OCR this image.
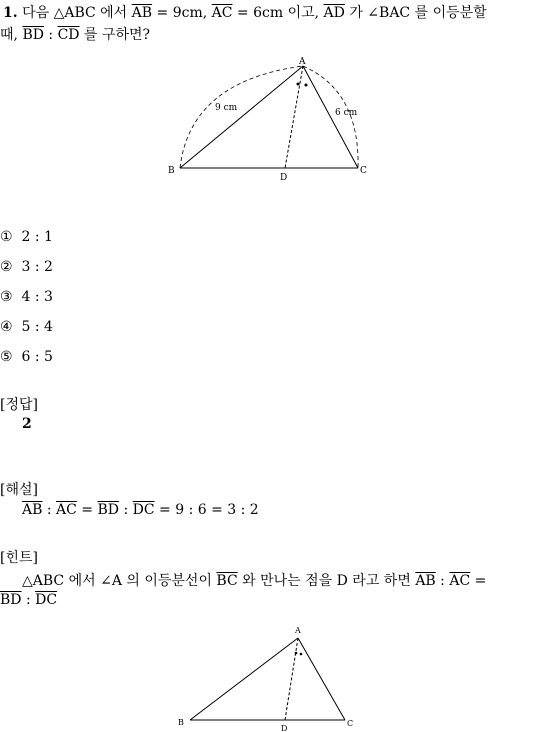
1. 다음 △ABC 에서 $\overline{AB} = 9cm$, $\overline{AC} = 6cm$ 이고, $\overline{AD}$ 가 ∠BAC 를 이등분할
때, $\overline{BD}$ : $\overline{CD}$ 를 구하면?
A
B	C
D
9 cm	6 cm
① 2 : 1
② 3 : 2
③ 4 : 3
④ 5 : 4
⑤ 6 : 5
[정답]
2
[해설]
$\overline{AB}$ : $\overline{AC} = \overline{BD}$ : $\overline{DC} = 9$ : 6 = 3 : 2
[힌트]
△ABC 에서 ∠A 의 이등분선이 $\overline{BC}$ 와 만나는 점을 D 라고 하면 $\overline{AB}$ : $\overline{AC}$ =
$\overline{BD}$ : $\overline{DC}$
A
B	C
D
